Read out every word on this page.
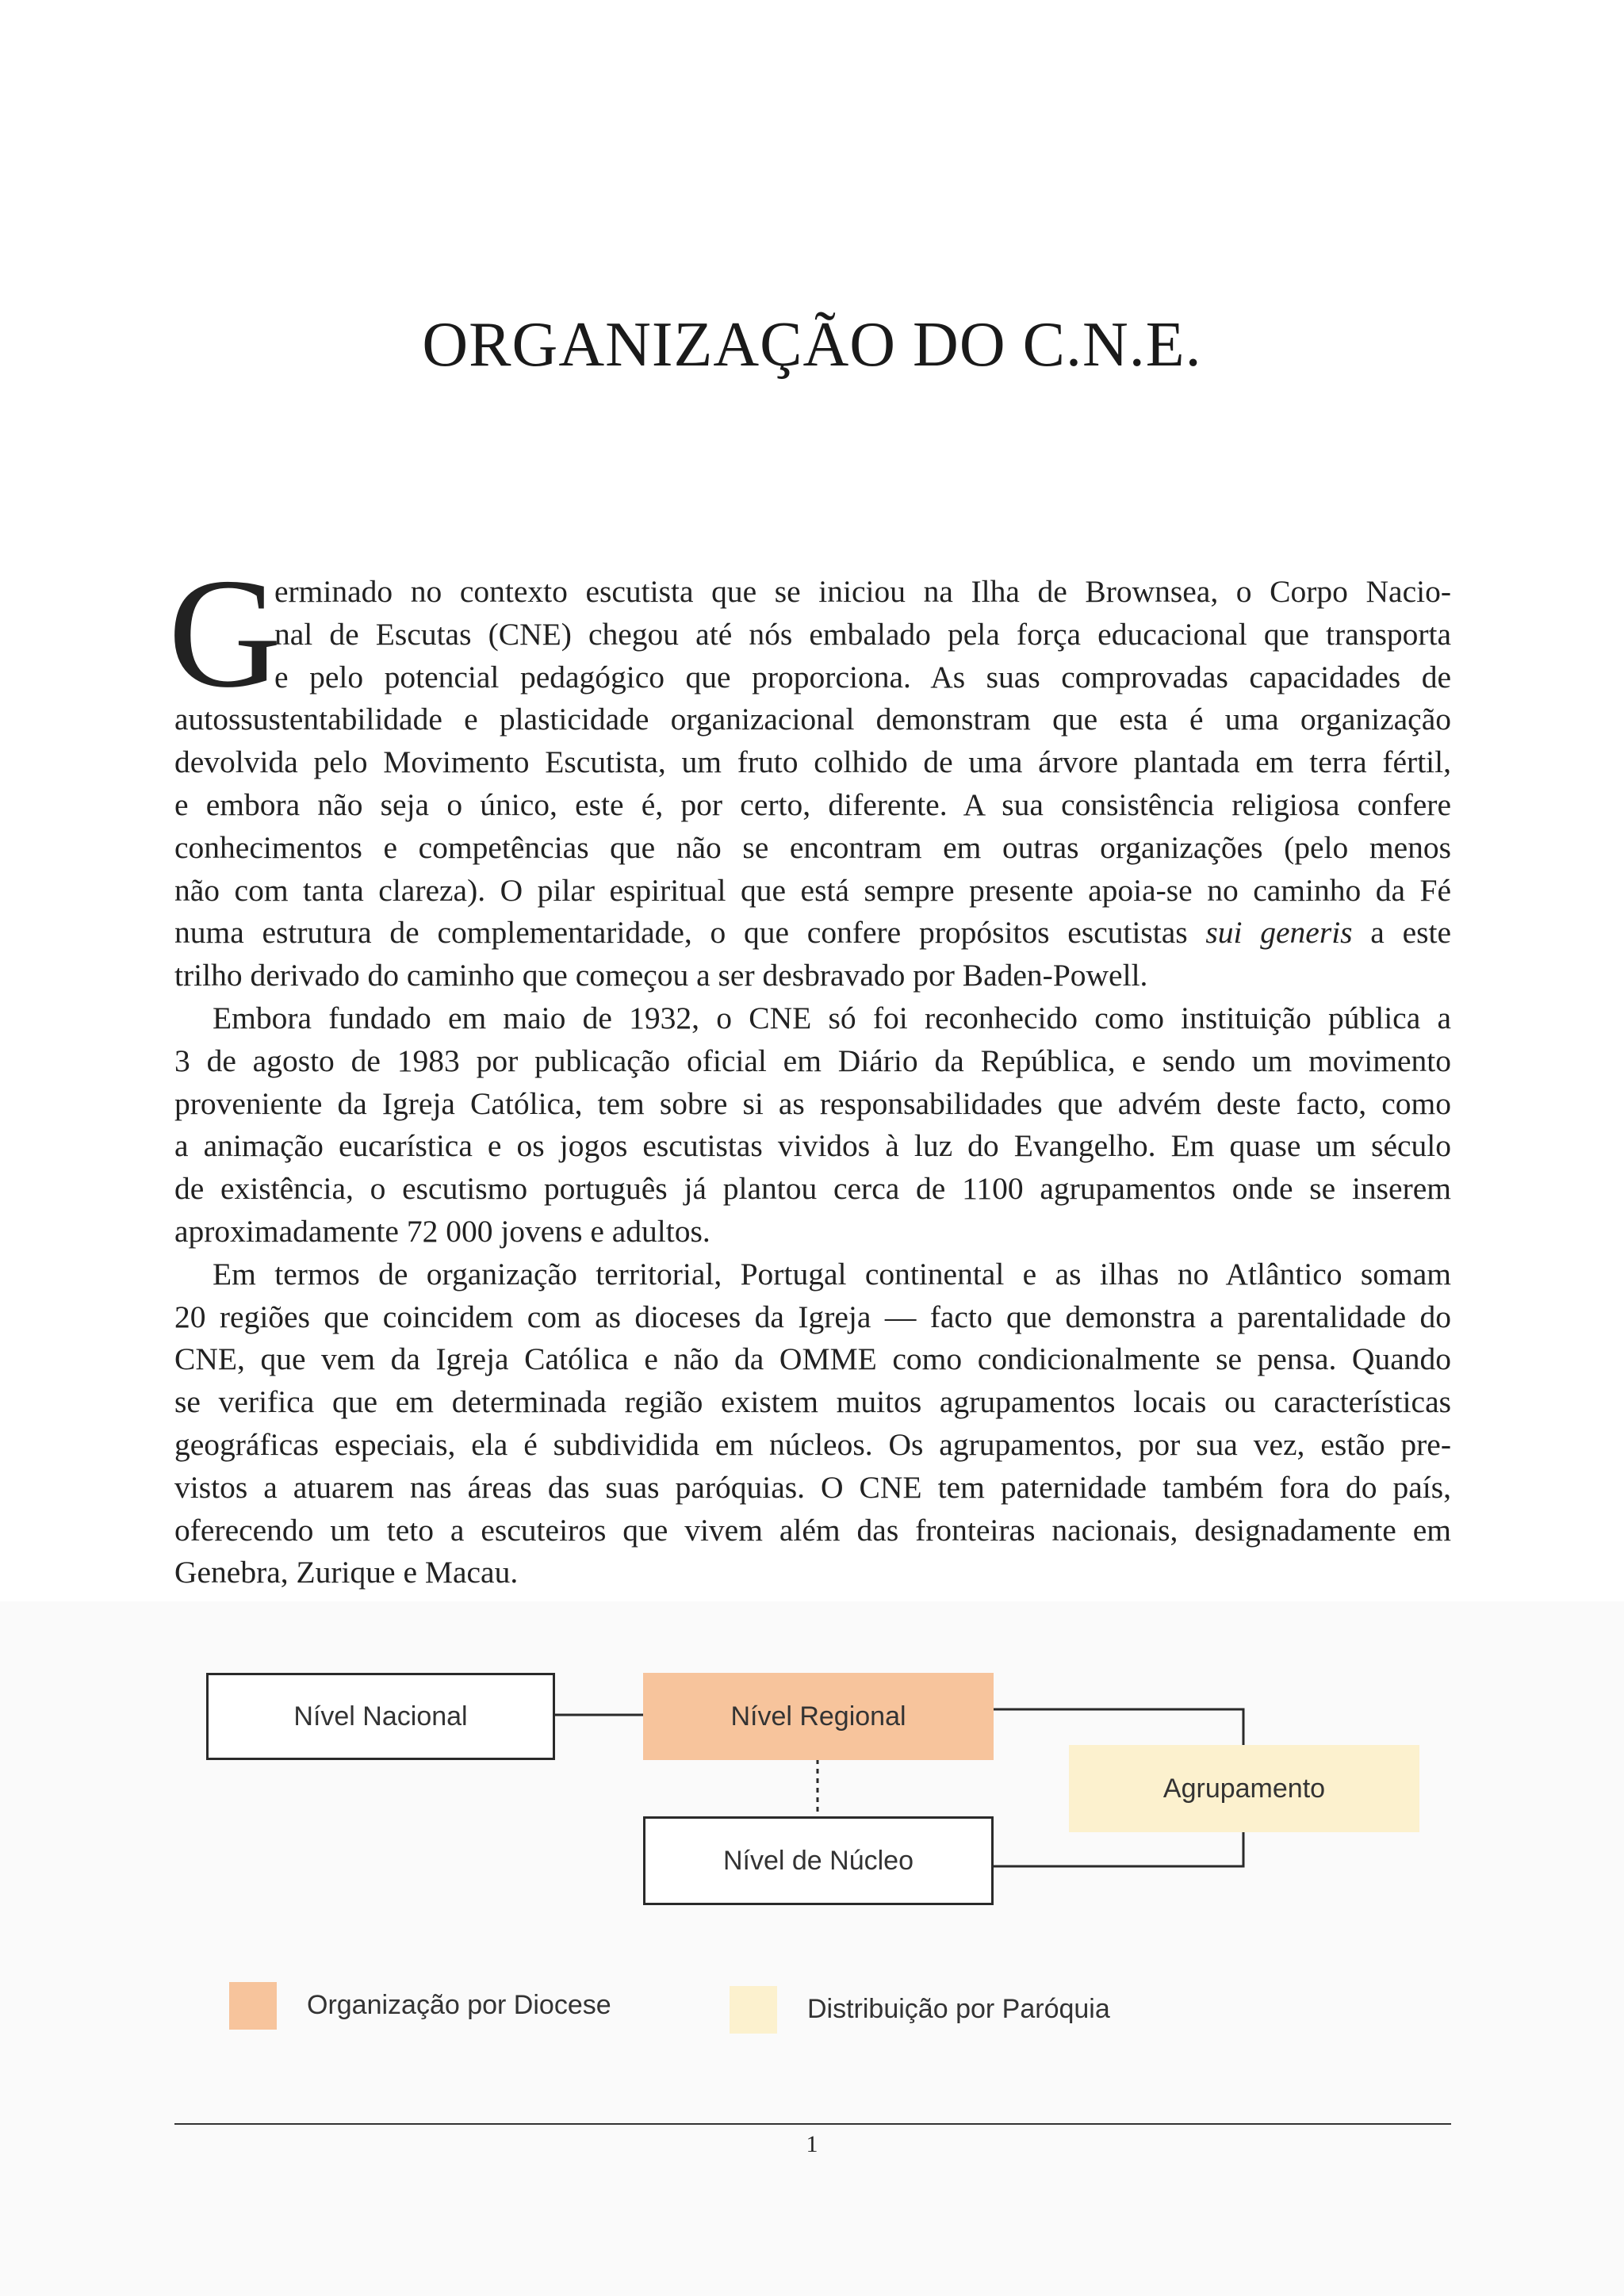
ORGANIZAÇÃO DO C.N.E.
G
erminado no contexto escutista que se iniciou na Ilha de Brownsea, o Corpo Nacio-
nal de Escutas (CNE) chegou até nós embalado pela força educacional que transporta
e pelo potencial pedagógico que proporciona. As suas comprovadas capacidades de
autossustentabilidade e plasticidade organizacional demonstram que esta é uma organização
devolvida pelo Movimento Escutista, um fruto colhido de uma árvore plantada em terra fértil,
e embora não seja o único, este é, por certo, diferente. A sua consistência religiosa confere
conhecimentos e competências que não se encontram em outras organizações (pelo menos
não com tanta clareza). O pilar espiritual que está sempre presente apoia-se no caminho da Fé
numa estrutura de complementaridade, o que confere propósitos escutistas sui generis a este
trilho derivado do caminho que começou a ser desbravado por Baden-Powell.
Embora fundado em maio de 1932, o CNE só foi reconhecido como instituição pública a
3 de agosto de 1983 por publicação oficial em Diário da República, e sendo um movimento
proveniente da Igreja Católica, tem sobre si as responsabilidades que advém deste facto, como
a animação eucarística e os jogos escutistas vividos à luz do Evangelho. Em quase um século
de existência, o escutismo português já plantou cerca de 1100 agrupamentos onde se inserem
aproximadamente 72 000 jovens e adultos.
Em termos de organização territorial, Portugal continental e as ilhas no Atlântico somam
20 regiões que coincidem com as dioceses da Igreja — facto que demonstra a parentalidade do
CNE, que vem da Igreja Católica e não da OMME como condicionalmente se pensa. Quando
se verifica que em determinada região existem muitos agrupamentos locais ou características
geográficas especiais, ela é subdividida em núcleos. Os agrupamentos, por sua vez, estão pre-
vistos a atuarem nas áreas das suas paróquias. O CNE tem paternidade também fora do país,
oferecendo um teto a escuteiros que vivem além das fronteiras nacionais, designadamente em
Genebra, Zurique e Macau.
Nível Nacional	Nível Regional
Nível de Núcleo
Agrupamento
Organização por Diocese	Distribuição por Paróquia
1
